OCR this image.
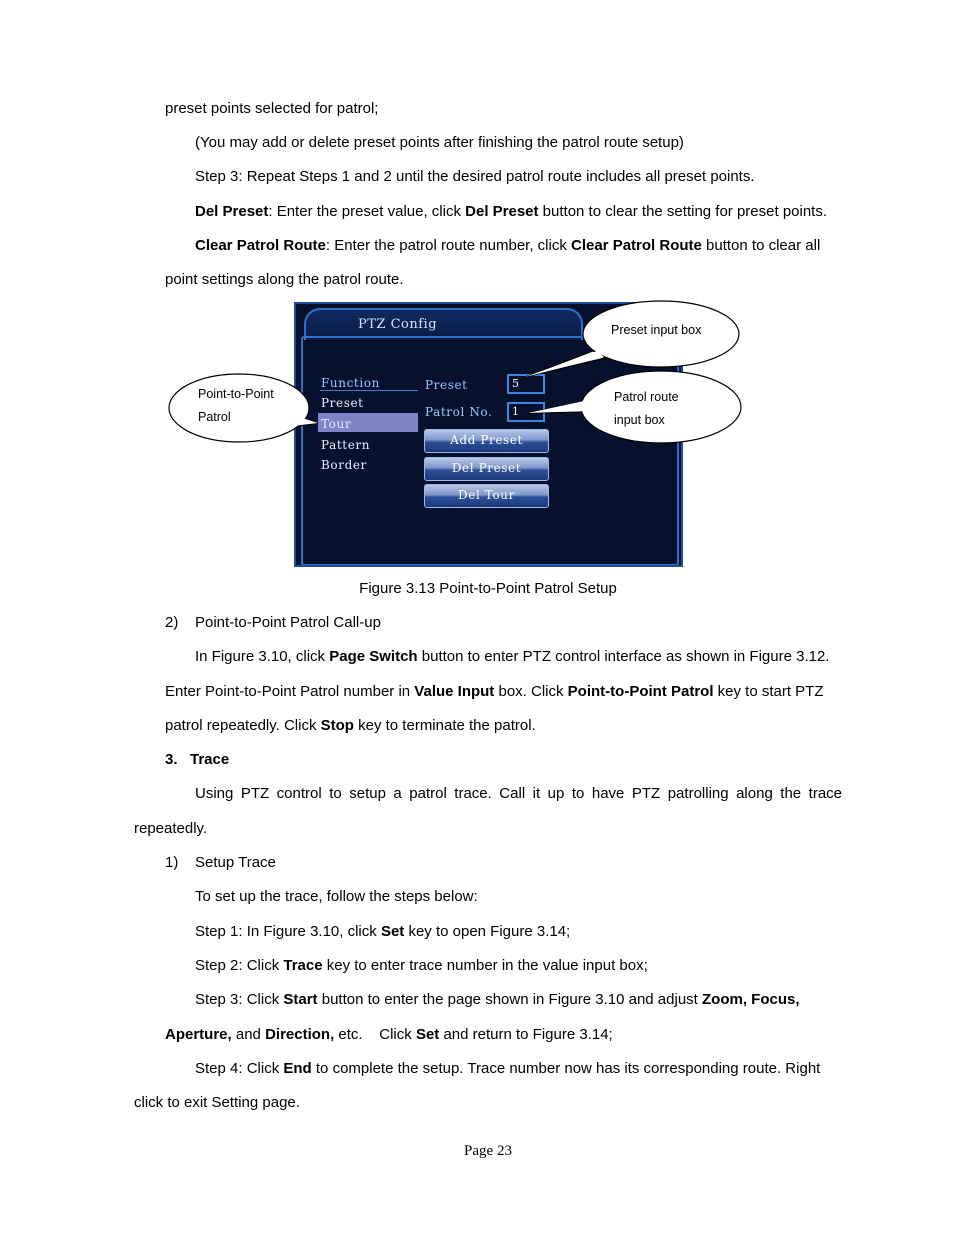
preset points selected for patrol;
(You may add or delete preset points after finishing the patrol route setup)
Step 3: Repeat Steps 1 and 2 until the desired patrol route includes all preset points.
Del Preset: Enter the preset value, click Del Preset button to clear the setting for preset points.
Clear Patrol Route: Enter the patrol route number, click Clear Patrol Route button to clear all
point settings along the patrol route.
PTZ Config
Function
Preset
Tour
Pattern
Border
Preset	5
Patrol No.	1
Add Preset
Del Preset
Del Tour
Preset input box
Patrol route
input box
Point-to-Point
Patrol
Figure 3.13 Point-to-Point Patrol Setup
2)    Point-to-Point Patrol Call-up
In Figure 3.10, click Page Switch button to enter PTZ control interface as shown in Figure 3.12.
Enter Point-to-Point Patrol number in Value Input box. Click Point-to-Point Patrol key to start PTZ
patrol repeatedly. Click Stop key to terminate the patrol.
3.   Trace
Using PTZ control to setup a patrol trace. Call it up to have PTZ patrolling along the trace
repeatedly.
1)    Setup Trace
To set up the trace, follow the steps below:
Step 1: In Figure 3.10, click Set key to open Figure 3.14;
Step 2: Click Trace key to enter trace number in the value input box;
Step 3: Click Start button to enter the page shown in Figure 3.10 and adjust Zoom, Focus,
Aperture, and Direction, etc.    Click Set and return to Figure 3.14;
Step 4: Click End to complete the setup. Trace number now has its corresponding route. Right
click to exit Setting page.
Page 23
